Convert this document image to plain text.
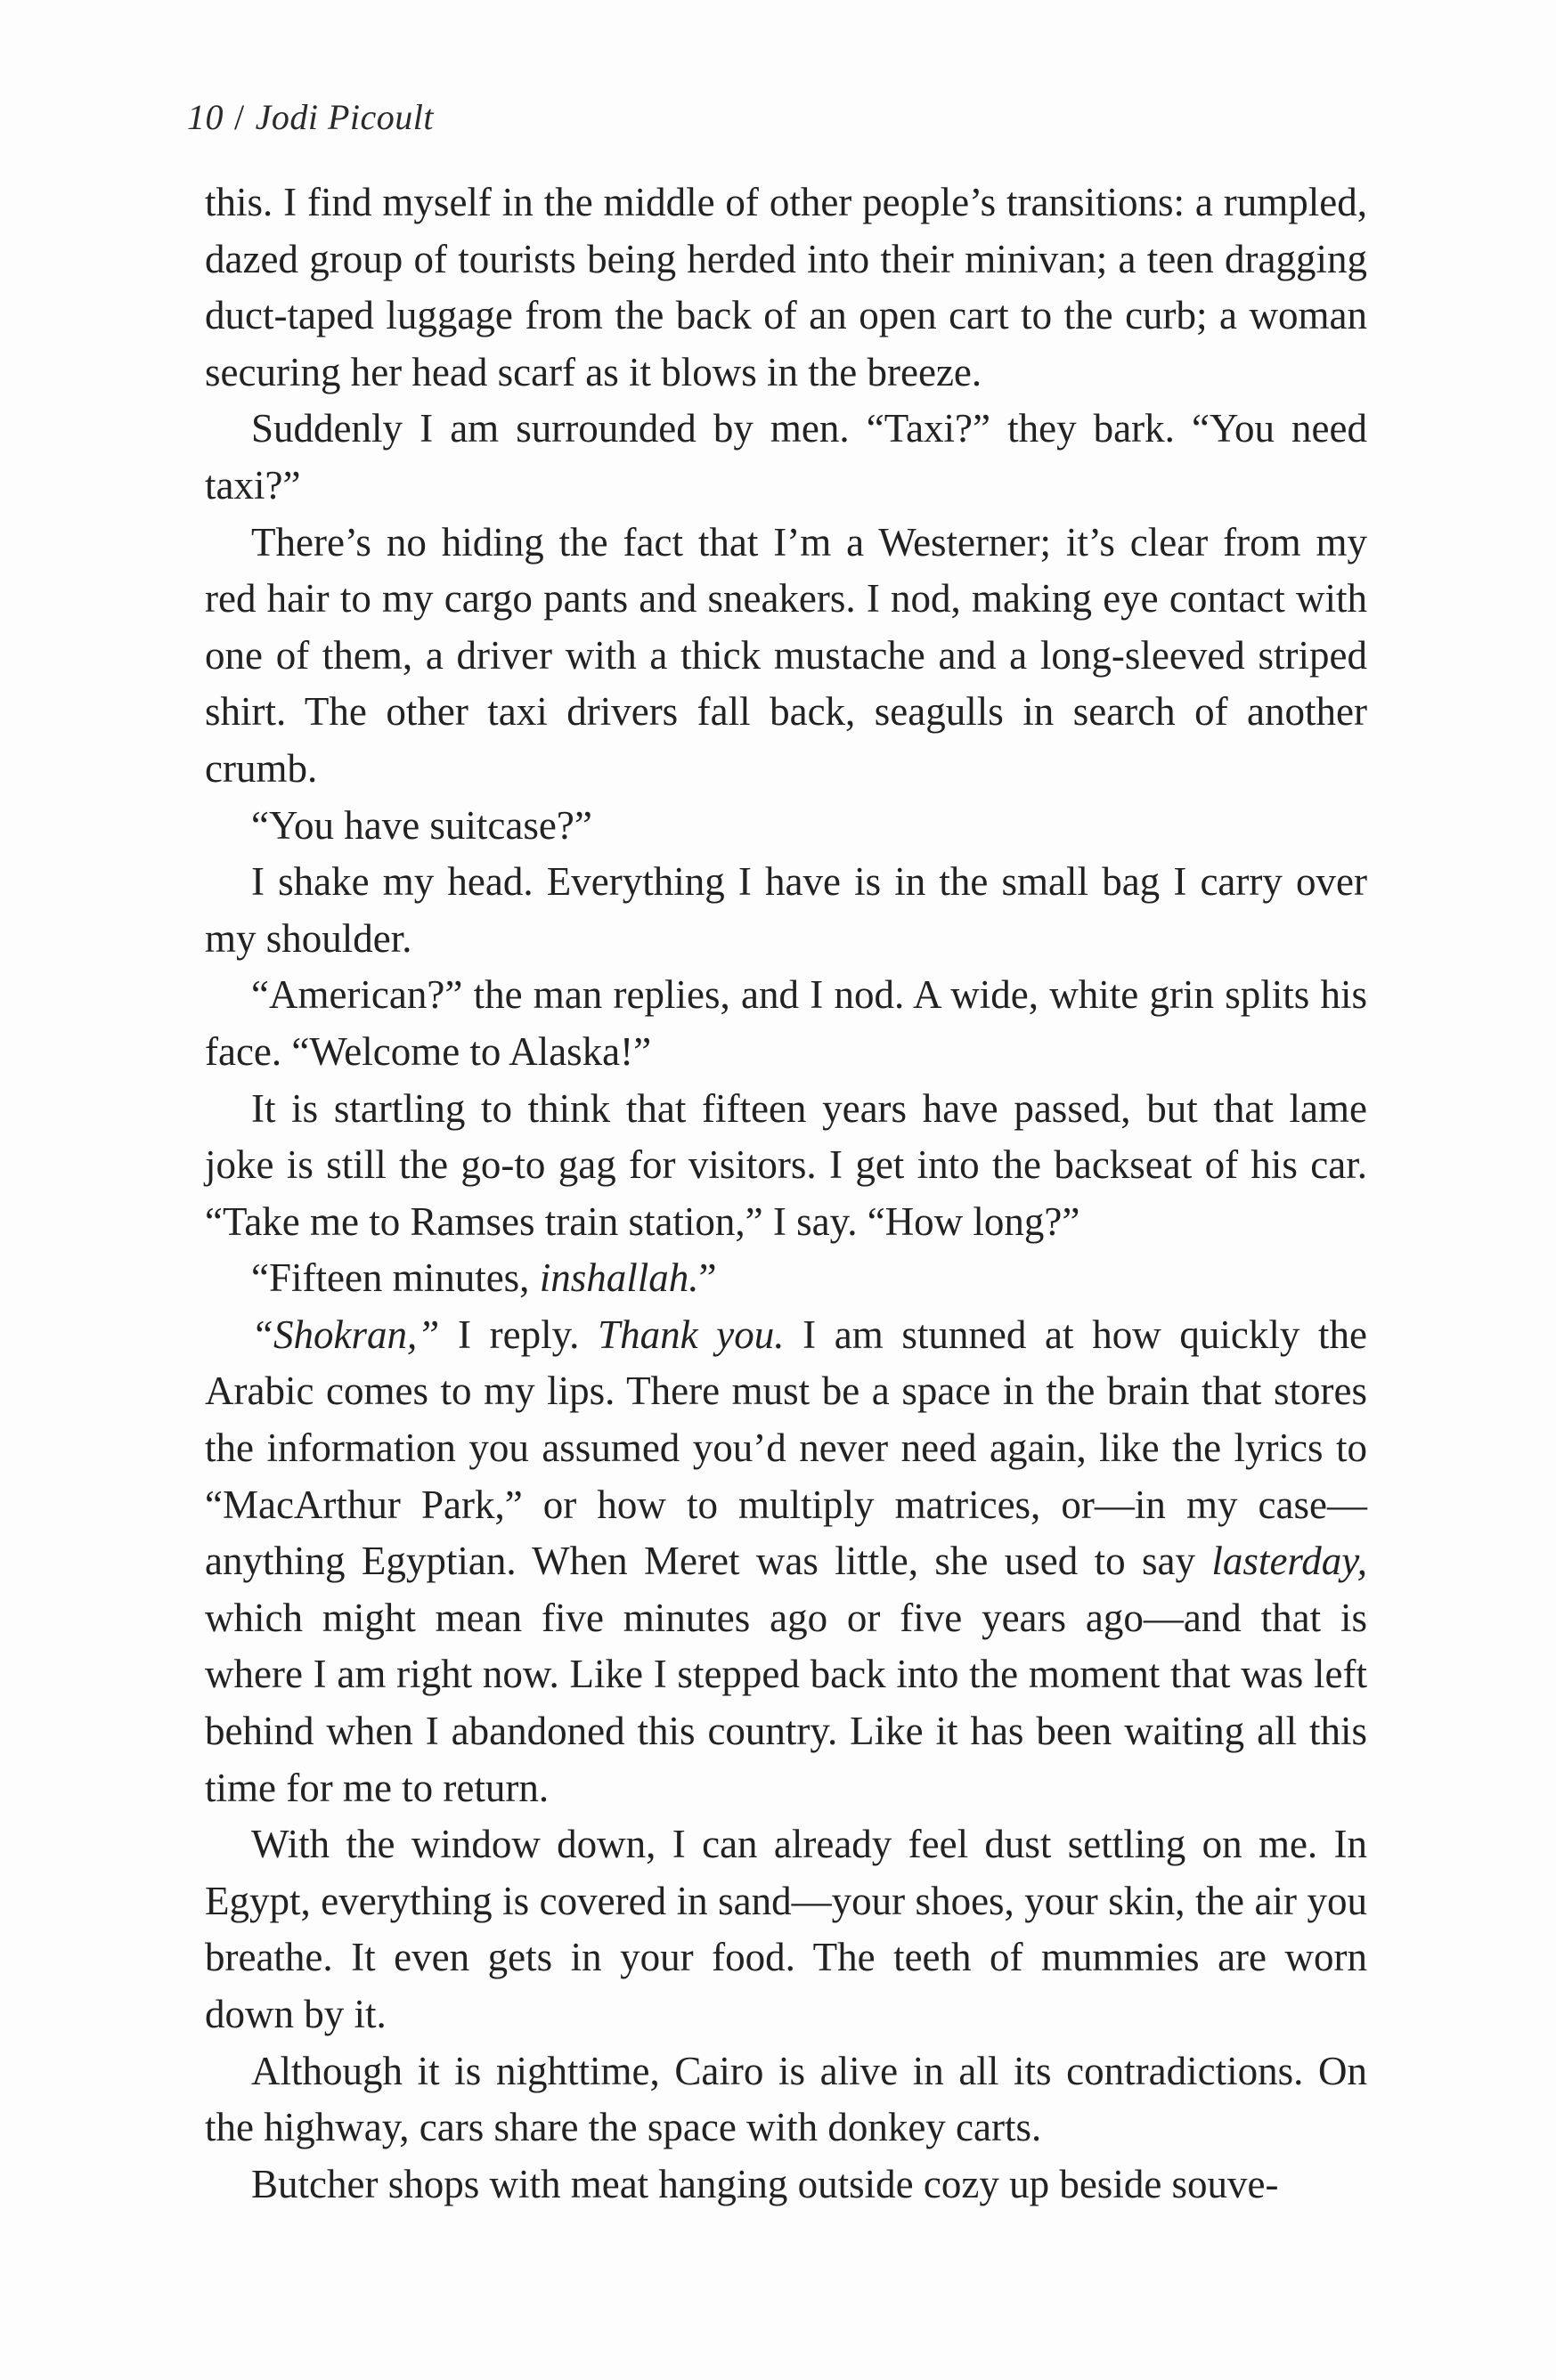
10 / Jodi Picoult

this. I find myself in the middle of other people’s transitions: a rumpled, dazed group of tourists being herded into their minivan; a teen dragging duct-taped luggage from the back of an open cart to the curb; a woman securing her head scarf as it blows in the breeze.

Suddenly I am surrounded by men. “Taxi?” they bark. “You need taxi?”

There’s no hiding the fact that I’m a Westerner; it’s clear from my red hair to my cargo pants and sneakers. I nod, making eye contact with one of them, a driver with a thick mustache and a long-sleeved striped shirt. The other taxi drivers fall back, seagulls in search of another crumb.

“You have suitcase?”

I shake my head. Everything I have is in the small bag I carry over my shoulder.

“American?” the man replies, and I nod. A wide, white grin splits his face. “Welcome to Alaska!”

It is startling to think that fifteen years have passed, but that lame joke is still the go-to gag for visitors. I get into the backseat of his car. “Take me to Ramses train station,” I say. “How long?”

“Fifteen minutes, inshallah.”

“Shokran,” I reply. Thank you. I am stunned at how quickly the Arabic comes to my lips. There must be a space in the brain that stores the information you assumed you’d never need again, like the lyrics to “MacArthur Park,” or how to multiply matrices, or—in my case—anything Egyptian. When Meret was little, she used to say lasterday, which might mean five minutes ago or five years ago—and that is where I am right now. Like I stepped back into the moment that was left behind when I abandoned this country. Like it has been waiting all this time for me to return.

With the window down, I can already feel dust settling on me. In Egypt, everything is covered in sand—your shoes, your skin, the air you breathe. It even gets in your food. The teeth of mummies are worn down by it.

Although it is nighttime, Cairo is alive in all its contradictions. On the highway, cars share the space with donkey carts.

Butcher shops with meat hanging outside cozy up beside souve-
